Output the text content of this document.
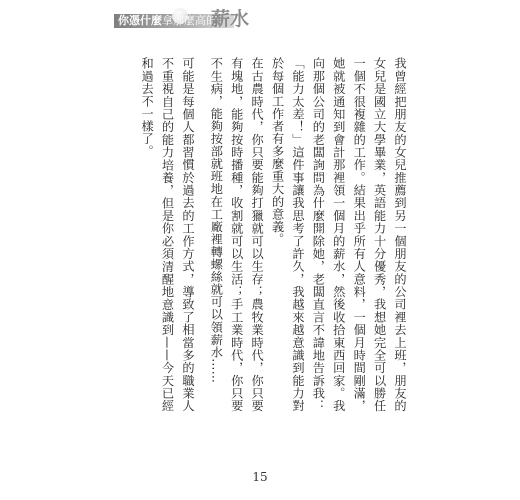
你憑什麼 拿那麼高的
薪水

我曾經把朋友的女兒推薦到另一個朋友的公司裡去上班，朋友的女兒是國立大學畢業，英語能力十分優秀，我想她完全可以勝任一個不很複雜的工作。結果出乎所有人意料，一個月時間剛滿，她就被通知到會計那裡領一個月的薪水，然後收拾東西回家。我向那個公司的老闆詢問為什麼開除她，老闆直言不諱地告訴我：「能力太差！」這件事讓我思考了許久，我越來越意識到能力對於每個工作者有多麼重大的意義。

在古農時代，你只要能夠打獵就可以生存；農牧業時代，你只要有塊地，能夠按時播種，收割就可以生活；手工業時代，你只要不生病，能夠按部就班地在工廠裡轉螺絲就可以領薪水……

可能是每個人都習慣於過去的工作方式，導致了相當多的職業人不重視自己的能力培養，但是你必須清醒地意識到——今天已經和過去不一樣了。

15
